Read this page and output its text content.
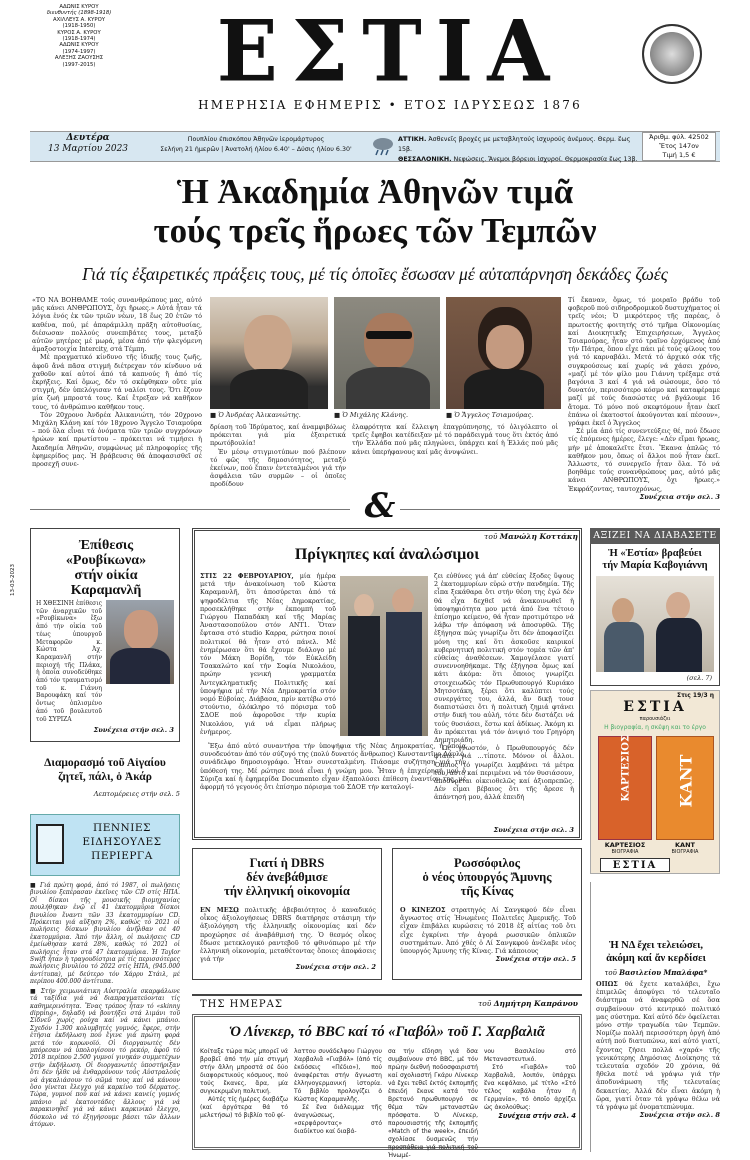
ΑΔΩΝΙΣ ΚΥΡΟΥ
διευθυντής (1898-1918)
ΑΧΙΛΛΕΥΣ Α. ΚΥΡΟΥ
(1918-1950)
ΚΥΡΟΣ Α. ΚΥΡΟΥ
(1918-1974)
ΑΔΩΝΙΣ ΚΥΡΟΥ
(1974-1997)
ΑΛΕΞΗΣ ΖΑΟΥΣΗΣ
(1997-2015)	ΕΣΤΙΑ
ΗΜΕΡΗΣΙΑ ΕΦΗΜΕΡΙΣ • ΕΤΟΣ ΙΔΡΥΣΕΩΣ 1876
Δευτέρα
13 Μαρτίου 2023
Πουπλίου έπισκόπου Ἀθηνῶν ἱερομάρτυρος
Σελήνη 21 ἡμερῶν | Ἀνατολή ἡλίου 6.40' – Δύσις ἡλίου 6.30'
ΑΤΤΙΚΗ. Ἀσθενεῖς βροχές με μεταβλητούς ἰσχυρούς ἀνέμους. Θερμ. ἕως 15β.
ΘΕΣΣΑΛΟΝΙΚΗ. Νεφώσεις. Ἄνεμοι βόρειοι ἰσχυροί. Θερμοκρασία ἕως 13β.
Ἀριθμ. φύλ. 42502
Ἔτος 147ον
Τιμή 1,5 €
Ἡ Ἀκαδημία Ἀθηνῶν τιμᾶ
τούς τρεῖς ἥρωες τῶν Τεμπῶν
Γιά τίς ἐξαιρετικές πράξεις τους, μέ τίς ὁποῖες ἔσωσαν μέ αὐταπάρνηση δεκάδες ζωές

«ΤΟ ΝΑ ΒΟΗΘΑΜΕ τούς συνανθρώπους μας, αὐτό μᾶς κάνει ΑΝΘΡΩΠΟΥΣ, ὄχι ἥρωες.» Αὐτά ἦταν τά λόγια ἑνός ἐκ τῶν τριῶν νέων, 18 ἕως 20 ἐτῶν τό καθένα, πού, μέ ἀπαράμιλλη πρᾶξη αὐτοθυσίας, διέσωσαν πολλούς συνεπιβάτες τους, μεταξύ αὐτῶν μητέρες μέ μωρά, μέσα ἀπό τήν φλεγόμενη ἀμαξοστοιχία Intercity, στά Τέμπη.

Μέ πραγματικό κίνδυνο τῆς ἰδικῆς τους ζωῆς, ἀφοῦ ἄνά πᾶσα στιγμή διέτρεχαν τόν κίνδυνο νά χαθοῦν καί αὐτοί ἀπό τά καπνούς ἤ ἀπό τίς ἐκρήξεις. Καί ὅμως, δέν τό σκέφθηκαν οὔτε μία στιγμή, δέν ὑπελόγισαν τά ναλίσι τους. Ὅτι ἔζουν μία ζωή μπροστά τους. Καί ἔτρεξαν νά καθῆκον τους, τό ἀνθρώπινο καθῆκον τους.

Τόν 20χρονο Ἀνδρέα Ἀλικανιώτη, τόν 20χρονο Μιχάλη Κλάνη καί τόν 18χρονο Ἄγγελο Τσιαμούρα – πού ὅλα εἶναι τά ὀνόματα τῶν τριῶν συγχρόνων ἡρώων καί πρωτίστου – πρόκειται νά τιμήσει ἡ Ἀκαδημία Ἀθηνῶν, συμφώνως μέ πληροφορίες τῆς ἐφημερίδος μας. Ἡ βράβευσις θά ἀποφασισθεῖ σέ προσεχῆ συνε-

■ Ὁ Ἀνδρέας Ἀλικανιώτης.	■ Ὁ Μιχάλης Κλάνης.	■ Ὁ Ἄγγελος Τσιαμούρας.

δρίαση τοῦ Ἱδρύματος, καί ἀναμφιβόλως πρόκειται γιά μία ἐξαιρετικά πρωτόβουλία!

Ἐν μέσῳ στιγμιοτύπων πού βλέπουν τό φῶς τῆς δημοσιότητος, μεταξύ ἐκείνων, πού ἔπαιν ἐντεταλμένοι γιά τήν ἀσφάλεια τῶν συρμῶν – οἱ ὁποῖες προδίδουν

ἐλαφρότητα καί ἔλλειψη ἐπαγρύπνησης, τό ὀλιγόλεπτο οἱ τρεῖς ἔφηβοι κατέδειξαν μέ τό παράδειγμά τους ὅτι ἐκτός ἀπό τήν Ἑλλάδα πού μᾶς πληγώνει, ὑπάρχει καί ἡ Ἑλλάς πού μᾶς κάνει ὑπερήφανους καί μᾶς ἀνυψώνει.

Τί ἔκαναν, ὅμως, τό μοιραῖο βράδυ τοῦ φοβεροῦ πού σιδηροδρομικοῦ δυστυχήματος οἱ τρεῖς νέοι; Ὁ μικρότερος τῆς παρέας, ὁ πρωτοετής φοιτητής στό τμῆμα Οἰκονομίας καί Διοικητικῆς Ἐπιχειρήσεων, Ἄγγελος Τσιαμούρας, ἦταν στό τραῖνο ἐρχόμενος ἀπό τήν Πάτρα, ὅπου εἶχε πάει μέ τούς φίλους του γιά τό καρναβάλι. Μετά τό ἀρχικό σόκ τῆς συγκρούσεως καί χωρίς νά χάσει χρόνο, «μαζί μέ τόν φίλο μου Γιάννη τρέξαμε στά βαγόνια 3 καί 4 γιά νά σώσουμε, ὅσο τό δυνατόν, περισσότερο κόσμο καί καταφέραμε μαζί μέ τούς διασώστες νά βγάλουμε 16 ἄτομα. Τό μόνο πού σκεφτόμουν ἦταν ἐκεῖ ἐπάνω οἱ ἑκατοστοί ἀκούγονται καί πέσουν», γράφει ἐκεῖ ὁ Ἄγγελος

Σέ μία ἀπό τίς συνεντεύξεις θέ, πού ἔδωσε τίς ἑπόμενες ἡμέρες, ἔλεγε: «Δέν εἴμαι ἥρωας, μήν μέ ἀποκαλεῖτε ἔτσι. Ἔκανα ἁπλῶς τό καθῆκον μου, ὅπως οἱ ἄλλοι πού ἦταν ἐκεῖ. Ἄλλωστε, τό συνεργεῖο ἦταν ὅλα. Τό νά βοηθάμε τούς συνανθρώπους μας, αὐτό μᾶς κάνει ΑΝΘΡΩΠΟΥΣ, ὄχι ἥρωες.» Ἐκφράζοντας, ταυτοχρόνως,

Συνέχεια στήν σελ. 3
&
13-03-2023
Ἐπίθεσις
«Ρουβίκωνα»
στήν οἰκία
Καραμανλῆ

Η ΧΘΕΣΙΝΗ ἐπίθεσις τῶν ἀναρχικῶν τοῦ «Ρουβίκωνα» ἔξω ἀπό τήν οἰκία τοῦ τέως ὑπουργοῦ Μεταφορῶν κ. Κώστα Ἀχ. Καραμανλῆ στήν περιοχή τῆς Πλάκα, ἡ ὁποία συνοδεύθηκε ἀπό τόν τραυματισμό τοῦ κ. Γιάννη Βαρουφάκη καί τόν ὄντως ὁπλισμένο ἀπό τοῦ βουλευτοῦ τοῦ ΣΥΡΙΖΑ

Συνέχεια στήν σελ. 3
Διαμορασμό τοῦ Αἰγαίου
ζητεῖ, πάλι, ὁ Ἀκάρ
Λεπτομέρειες στήν σελ. 5
ΠΕΝΝΙΕΣ
ΕΙΔΗΣΟΥΛΕΣ
ΠΕΡΙΕΡΓΑ

■ Γιά πρώτη φορά, ἀπό τό 1987, οἱ πωλήσεις βινυλίου ξεπέρασαν ἐκεῖνες τῶν CD στίς ΗΠΑ. Οἱ δίσκοι τῆς μουσικῆς βιομηχανίας πουλήθηκαν ἐνῷ εἶ 41 ἑκατομμύρια δίσκοι βινυλίου ἔναντι τῶν 33 ἑκατομμυρίων CD. Πρόκειται γιά αὔξηση 2%, καθώς τό 2021 οἱ πωλήσεις δίσκων βινυλίου ἀνῆλθαν σέ 40 ἑκατομμύρια. Ἀπό τήν ἄλλη, οἱ πωλήσεις CD ἐμείωθησαν κατά 28%, καθώς τό 2021 οἱ πωλήσεις ἦταν στά 47 ἑκατομμύρια. Ἡ Taylor Swift ἦταν ἡ τραγουδίστρια μέ τίς περισσότερες πωλήσεις βινυλίου τό 2022 στίς ΗΠΑ, (945.000 ἀντίτυπα), μέ δεύτερο τόν Χάρρυ Στάιλ, μέ περίπου 400.000 ἀντίτυπα.

■ Στήν χειμωνιάτικη Αὐστραλία σκαρφάλωνε τά ταξίδια γιά νά διαπραγματεύονται τίς καθημερινότητα. Ἕνας τρόπος ἦταν τό «skinny dipping», δηλαδή νά βουτήξει στά λιμάνι τοῦ Σίδνεϋ χωρίς ρούχα καί νά κάνει μπάνιο. Σχεδόν 1.300 κολυμβητές γυμνός, ἔφερε, στήν ἐτήσια ἐκδήλωση πού ἔγινε γιά πρώτη φορά μετά τόν κορωνοϊό. Οἱ διοργανωτές δέν μπόρεσαν νά ὑπολογίσουν τό ρεκόρ, ἀφοῦ τό 2018 περίπου 2.500 γυμνοί γινηκάν συμμετέχων στήν ἐκδήλωση. Οἱ διοργανωτές ὑποστήριξαν ὅτι δέν ἦλθε νά ἐνθαρρύνουν τούς Αὐστραλούς νά ἀγκαλιάσουν τό σῶμά τους καί νά κάνουν ὅσο γίνεται ἔλεγχο γιά καρκίνο τοῦ δέρματος. Τώρα, γυμνοί πού καί νά κάνει κανείς γυμνός μπάνιο μέ ἑκατοντάδες ἄλλους γιά νά παρακινηθεῖ γιά νά κάνει καρκινικό ἔλεγχο, δύσκολο νά τό ἐξηγήσουμε βάσει τῶν ἄλλων ἀτόμων.

τοῦ Μανώλη Κοττάκη
Πρίγκηπες καί ἀναλώσιμοι

ΣΤΙΣ 22 ΦΕΒΡΟΥΑΡΙΟΥ, μία ἡμέρα μετά τήν ἀνακοίνωση τοῦ Κώστα Καραμανλῆ, ὅτι ἀποσύρεται ἀπό τά ψηφοδέλτια τῆς Νέας Δημοκρατίας, προσεκλήθηκε στήν ἐκπομπή τοῦ Γιώργου Παπαδάκη καί τῆς Μαρίας Ἀναστασοπούλου στόν ANT1. Ὅταν ἔφτασα στό studio Καρρα, ρώτησα ποιοί πολιτικοί θά ἦταν στό πάνελ. Μέ ἐνημέρωσαν ὅτι θά ἔχουμε διάλογο μέ τόν Μάκη Βορίδη, τόν Εὐκλείδη Τσακαλώτο καί τήν Σοφία Νικολάου, πρώην γενική γραμματέα Ἀντεγκληματικῆς Πολιτικῆς καί ὑποψήφια μέ τήν Νέα Δημοκρατία στόν νομό Εὐβοίας. Διάβασα, πρίν κατέβω στό στούντιο, ὁλόκληρο τό πόρισμα τοῦ ΣΔΟΕ πού ἀφοροῦσε τήν κυρία Νικολάου, γιά νά εἶμαι πλήρως ἐνήμερος.

Ἔξω ἀπό αὐτό συναντήσα τήν ὑποψήφια τῆς Νέας Δημοκρατίας, ἡ ὁποία συνοδευόταν ἀπό τόν σύζυγό της (πολύ δυνατός ἄνθρωπος) Κωνσταντῖνο Δαυλό, συνάδελφο δημοσιογράφο. Ἦταν συνεσταλμένη. Πιάσαμε συζήτηση γιά τήν ὑπόθεσή της. Μέ ρώτησε ποιά εἶναι ἡ γνώμη μου. Ἦταν ἡ ἐπιχείρησή μου ὅ Σύριζα καί ἡ ἐφημερίδα Documento εἶχαν ἐξαπολύσει ἐπίθεση ἐναντίον της, μέ ἀφορμή τό γεγονός ὅτι ἐπίσημο πόρισμα τοῦ ΣΔΟΕ τήν καταλογί-

ζει εὐθύνες γιά ἀπ' εὐθείας ἔξοδες ὕψους 2 ἑκατομμυρίων εὐρώ στήν πανδημία. Τῆς εἶπα ξεκάθαρα ὅτι στήν θέση της ἐγώ δέν θά εἶχα δεχθεῖ νά ἀνακοινωθεῖ ἡ ὑποψηφιότητα μου μετά ἀπό ἕνα τέτοιο ἐπίσημο κείμενο, θά ἦταν προτιμότερο νά λάβω τήν ἀπόφαση νά ἀποσυρθῶ. Τῆς ἐξήγησα πώς γνωρίζω ὅτι δέν ἀποφασίζει μόνη της καί ὅτι ἀσκοῦσε καιρικοί κυβερνητική πολιτική στόν τομέα τῶν ἀπ' εὐθείας ἀναθέσεων. Χαμογέλασε γιατί συνεννοηθήκαμε. Τῆς ἐξήγησα ὅμως καί κάτι ἀκόμα: ὅτι ὅποιος γνωρίζει στοιχειωδῶς τόν Πρωθυπουργό Κυριάκο Μητσοτάκη, ξέρει ὅτι καλύπτει τούς συνεργάτες του, ἀλλά, ἄν δικῇ τουσ διαπιστώσει ὅτι ἡ πολιτική ζημιά φτάνει στήν δική του αὐλή, τότε δέν διστάζει νά τούς θυσιάσει, ἔστω καί ἀδίκως. Ἀκόμη κι ἄν πρόκειται γιά τόν ἀνιψιό του Γρηγόρη Δημητριάδη.

Ὡς γνωστόν, ὁ Πρωθυπουργός δέν φτάιει γιά ...τίποτε. Μόνον οἱ ἄλλοι. Ὅποιος τό γνωρίζει λαμβάνει τά μέτρα του, αὐτό καί περιμένει νά τόν θυσιάσουν, ἀποσύρεται οἰκειοθελῶς καί ἀξιοπρεπῶς. Δέν εἶμαι βέβαιος ὅτι τῆς ἄρεσε ἡ ἀπάντησή μου, ἀλλά ἐπειδή

Συνέχεια στήν σελ. 3
Γιατί ἡ DBRS
δέν ἀνεβάθμισε
τήν ἑλληνική οἰκονομία

ΕΝ ΜΕΣῼ πολιτικῆς ἀβεβαιότητος ὁ καναδικός οἶκος ἀξιολογήσεως DBRS διατήρησε στάσιμη τήν ἀξιολόγηση τῆς ἑλληνικῆς οἰκονομίας καί δέν προχώρησε σέ ἀναβάθμισή της. Ὁ θεσμός οἶκος ἔδωσε μετεκλογικό ραντεβοῦ τό φθινόπωρο μέ τήν ἑλληνική οἰκονομία, μεταθέτοντας ὅποιες ἀποφάσεις γιά τήν

Συνέχεια στήν σελ. 2
Ρωσσόφιλος
ὁ νέος ὑπουργός Ἄμυνης
τῆς Κίνας

Ο ΚΙΝΕΖΟΣ στρατηγός Λί Σανγκφού δέν εἶναι ἄγνωστος στίς Ἡνωμένες Πολιτεῖες Ἀμερικῆς. Τοῦ εἶχαν ἐπιβάλει κυρώσεις τό 2018 ἐξ αἰτίας τοῦ ὅτι εἶχε ἐγκρίνει τήν ἀγορά ρωσσικῶν ὁπλικῶν συστημάτων. Ἀπό χθές ὁ Λί Σανγκφού ἀνέλαβε νέος ὑπουργός Ἄμυνης τῆς Κίνας. Γιά κάποιους

Συνέχεια στήν σελ. 5
ΤΗΣ ΗΜΕΡΑΣ	τοῦ Δημήτρη Καπράνου
Ὁ Λίνεκερ, τό BBC καί τό «Γιαβόλ» τοῦ Γ. Χαρβαλιᾶ

Κοίταξε τώρα πώς μπορεῖ νά βραβεῖ ἀπό τήν μία στιγμή στήν ἄλλη μπροστά σέ δύο διαφορετικούς κόσμους, πού τούς ἔκανες, ἄρα, μία συγκεκριμένη πολιτική.

Αὐτές τίς ἡμέρες διαβάζω (καί ἀργότερα θά τό μελετήσω) τό βιβλίο τοῦ φί-

λαττου συνάδελφου Γιώργου Χαρβαλιᾶ «Γιαβόλ» (ἀπό τίς ἐκδόσεις «Πέδιο»), πού ἀναφέρεται στήν ἄγνωστη ἑλληνογερμανική ἱστορία. Τό βιβλίο προλογίζει ὁ Κώστας Καραμανλῆς.

Σέ ἕνα διάλειμμα τῆς ἀναγνώσεως, «σερφάροντας» στό διαδίκτυο καί διαβά-

σα τήν εἴδηση γιά ὅσα συμβαίνουν στό BBC, μέ τόν πρώην διεθνή ποδοσφαιριστή καί σχολιαστή Γκάρυ Λίνεκερ νά ἔχει τεθεῖ ἐκτός ἐκπομπῆς ἐπειδή ἔκανε κατά τόν Βρετανό πρωθυπουργό σε θέμα τῶν μεταναστῶν πρόσφατα. Ὁ Λίνεκερ, παρουσιαστής τῆς ἐκπομπῆς «Match of the week», ἐπειδή σχολίασε δυσμενῶς τήν προσπάθεια γιά πολιτική τοῦ Ἡνωμέ-

νου Βασιλείου στό Μεταναστευτικό.

Στό «Γιαβόλ» τοῦ Χαρβαλιᾶ, λοιπόν, ὑπάρχει ἕνα κεφάλαιο, μέ τίτλο «Στό τέλος καβάλα ἦταν ἡ Γερμανία», τό ὁποῖο ἀρχίζει ὡς ἀκολούθως:

Συνέχεια στήν σελ. 4
ΑΞΙΖΕΙ ΝΑ ΔΙΑΒΑΣΕΤΕ
Ἡ «Ἑστία» βραβεύει
τήν Μαρία Καβογιάννη
(σελ. 7)
Στις 19/3 η
ΕΣΤΙΑ
παρουσιάζει
Η βιογραφία, η σκέψη και το έργο
ΚΑΡΤΕΣΙΟΣ	ΚΑΝΤ
ΚΑΡΤΕΣΙΟΣ
ΒΙΟΓΡΑΦΙΑ
ΚΑΝΤ
ΒΙΟΓΡΑΦΙΑ
ΕΣΤΙΑ
Ἡ ΝΔ ἔχει τελειώσει,
ἀκόμη καί ἄν κερδίσει
τοῦ Βασιλείου Μπαλάφα*

ΟΠΩΣ θά ἔχετε καταλάβει, ἔχω ἐπιμελῶς ἀποφύγει τό τελευταῖο διάστημα νά ἀναφερθῶ σέ ὅσα συμβαίνουν στό κεντρικό πολιτικό μας σύστημα. Καί αὐτό δέν ὀφείλεται μόνο στήν τραγωδία τῶν Τεμπῶν. Νομίζω πολλή περισσότερη ὀργή ἀπό αὐτή πού διατυπώνω, καί αὐτό γιατί, ἔχοντας ζήσει πολλά «χαρά» τῆς γενικότερης Δημόσιας Διοίκησης τά τελευταία σχεδόν 20 χρόνια, θά ἤθελα ποτέ νά γράψω γιά τήν ἀποδυνάμωση τῆς τελευταίας δεκαετίας. Ἀλλά δέν εἶναι ἀκόμη ἡ ὥρα, γιατί ὅταν τά γράψω θέλω νά τά γράψω μέ ὀνοματεπώνυμα.

Συνέχεια στήν σελ. 8
